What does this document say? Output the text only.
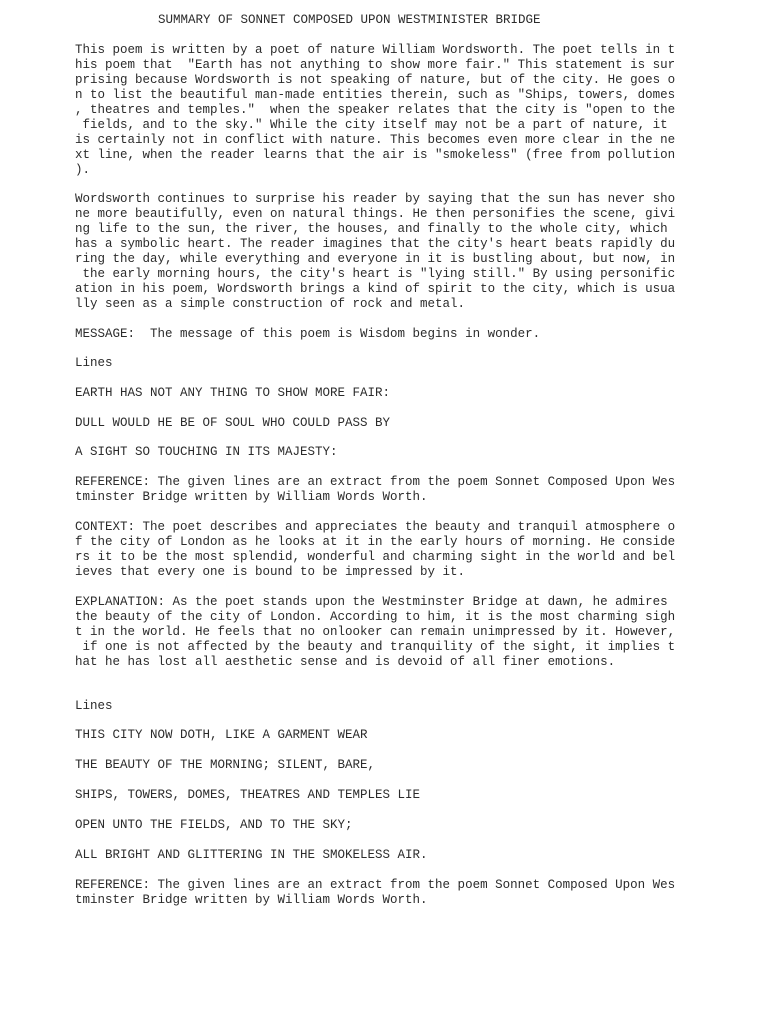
SUMMARY OF SONNET COMPOSED UPON WESTMINISTER BRIDGE

This poem is written by a poet of nature William Wordsworth. The poet tells in t

his poem that  "Earth has not anything to show more fair." This statement is sur

prising because Wordsworth is not speaking of nature, but of the city. He goes o

n to list the beautiful man-made entities therein, such as "Ships, towers, domes

, theatres and temples."  when the speaker relates that the city is "open to the

fields, and to the sky." While the city itself may not be a part of nature, it

is certainly not in conflict with nature. This becomes even more clear in the ne

xt line, when the reader learns that the air is "smokeless" (free from pollution

).

Wordsworth continues to surprise his reader by saying that the sun has never sho

ne more beautifully, even on natural things. He then personifies the scene, givi

ng life to the sun, the river, the houses, and finally to the whole city, which

has a symbolic heart. The reader imagines that the city's heart beats rapidly du

ring the day, while everything and everyone in it is bustling about, but now, in

the early morning hours, the city's heart is "lying still." By using personific

ation in his poem, Wordsworth brings a kind of spirit to the city, which is usua

lly seen as a simple construction of rock and metal.

MESSAGE:  The message of this poem is Wisdom begins in wonder.

Lines

EARTH HAS NOT ANY THING TO SHOW MORE FAIR:

DULL WOULD HE BE OF SOUL WHO COULD PASS BY

A SIGHT SO TOUCHING IN ITS MAJESTY:

REFERENCE: The given lines are an extract from the poem Sonnet Composed Upon Wes

tminster Bridge written by William Words Worth.

CONTEXT: The poet describes and appreciates the beauty and tranquil atmosphere o

f the city of London as he looks at it in the early hours of morning. He conside

rs it to be the most splendid, wonderful and charming sight in the world and bel

ieves that every one is bound to be impressed by it.

EXPLANATION: As the poet stands upon the Westminster Bridge at dawn, he admires

the beauty of the city of London. According to him, it is the most charming sigh

t in the world. He feels that no onlooker can remain unimpressed by it. However,

if one is not affected by the beauty and tranquility of the sight, it implies t

hat he has lost all aesthetic sense and is devoid of all finer emotions.

Lines

THIS CITY NOW DOTH, LIKE A GARMENT WEAR

THE BEAUTY OF THE MORNING; SILENT, BARE,

SHIPS, TOWERS, DOMES, THEATRES AND TEMPLES LIE

OPEN UNTO THE FIELDS, AND TO THE SKY;

ALL BRIGHT AND GLITTERING IN THE SMOKELESS AIR.

REFERENCE: The given lines are an extract from the poem Sonnet Composed Upon Wes

tminster Bridge written by William Words Worth.
